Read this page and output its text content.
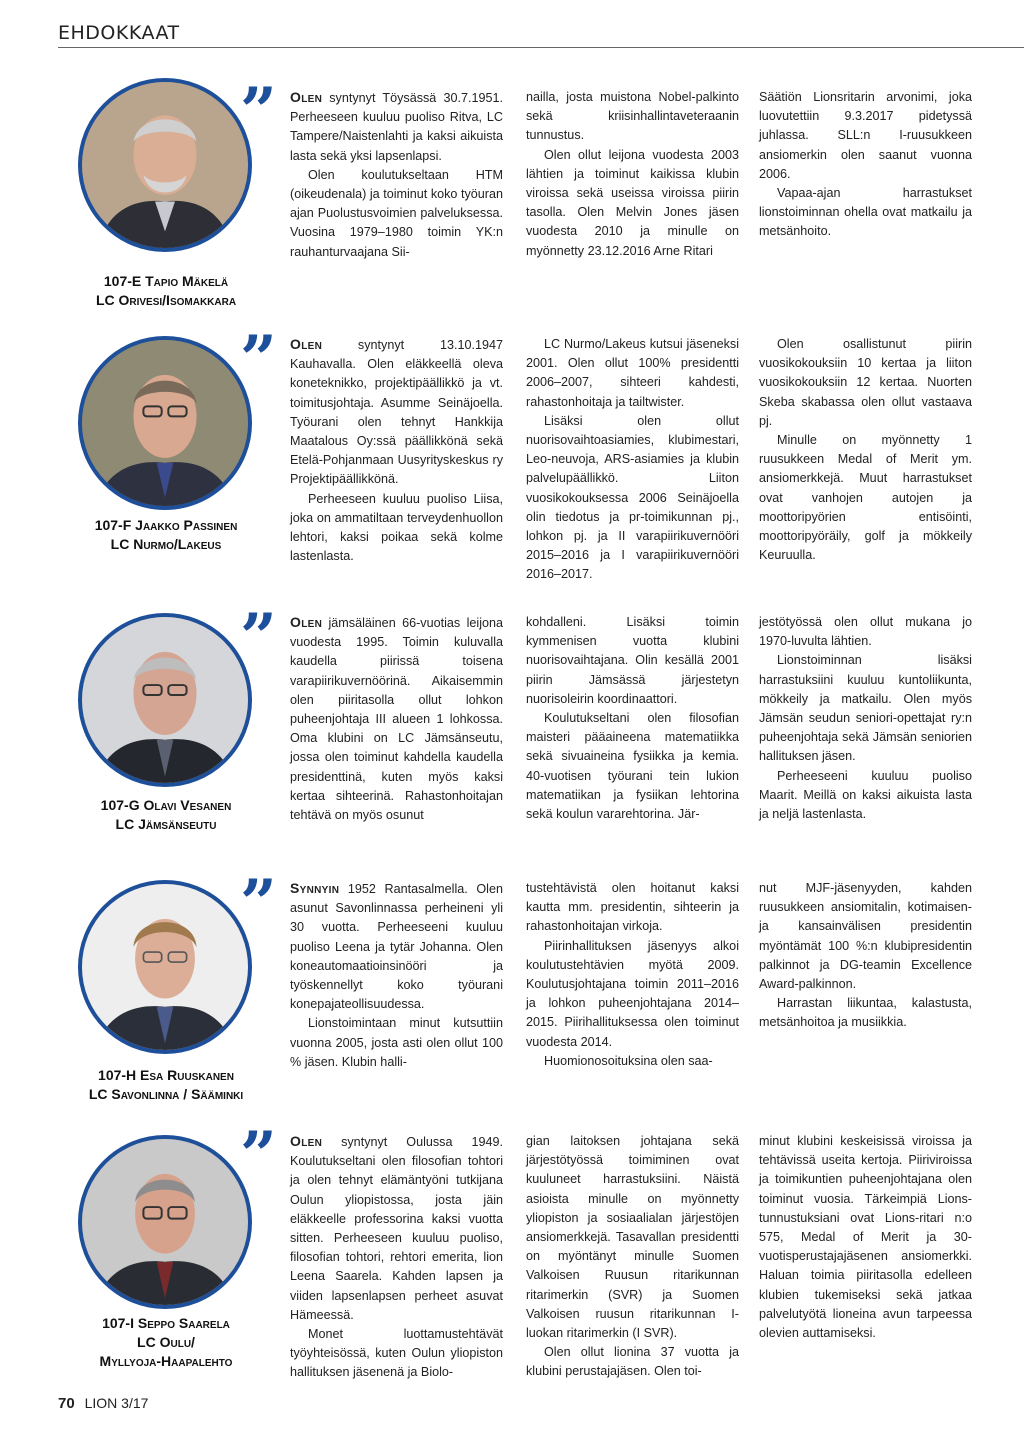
EHDOKKAAT
”
107-E Tapio Mäkelä
LC Orivesi/Isomakkara

Olen syntynyt Töysässä 30.7.1951. Perheeseen kuuluu puoliso Ritva, LC Tampere/Naistenlahti ja kaksi aikuista lasta sekä yksi lapsenlapsi.

Olen koulutukseltaan HTM (oikeudenala) ja toiminut koko työuran ajan Puolustusvoimien palveluksessa. Vuosina 1979–1980 toimin YK:n rauhanturvaajana Sii-

nailla, josta muistona Nobel-palkinto sekä kriisinhallintaveteraanin tunnustus.

Olen ollut leijona vuodesta 2003 lähtien ja toiminut kaikissa klubin viroissa sekä useissa viroissa piirin tasolla. Olen Melvin Jones jäsen vuodesta 2010 ja minulle on myönnetty 23.12.2016 Arne Ritari

Säätiön Lionsritarin arvonimi, joka luovutettiin 9.3.2017 pidetyssä juhlassa. SLL:n I-ruusukkeen ansiomerkin olen saanut vuonna 2006.

Vapaa-ajan harrastukset lionstoiminnan ohella ovat matkailu ja metsänhoito.

”
107-F Jaakko Passinen
LC Nurmo/Lakeus

Olen syntynyt 13.10.1947 Kauhavalla. Olen eläkkeellä oleva koneteknikko, projektipäällikkö ja vt. toimitusjohtaja. Asumme Seinäjoella. Työurani olen tehnyt Hankkija Maatalous Oy:ssä päällikkönä sekä Etelä-Pohjanmaan Uusyrityskeskus ry Projektipäällikkönä.

Perheeseen kuuluu puoliso Liisa, joka on ammatiltaan terveydenhuollon lehtori, kaksi poikaa sekä kolme lastenlasta.

LC Nurmo/Lakeus kutsui jäseneksi 2001. Olen ollut 100% presidentti 2006–2007, sihteeri kahdesti, rahastonhoitaja ja tailtwister.

Lisäksi olen ollut nuorisovaihtoasiamies, klubimestari, Leo-neuvoja, ARS-asiamies ja klubin palvelupäällikkö. Liiton vuosikokouksessa 2006 Seinäjoella olin tiedotus ja pr-toimikunnan pj., lohkon pj. ja II varapiirikuvernööri 2015–2016 ja I varapiirikuvernööri 2016–2017.

Olen osallistunut piirin vuosikokouksiin 10 kertaa ja liiton vuosikokouksiin 12 kertaa. Nuorten Skeba skabassa olen ollut vastaava pj.

Minulle on myönnetty 1 ruusukkeen Medal of Merit ym. ansiomerkkejä. Muut harrastukset ovat vanhojen autojen ja moottoripyörien entisöinti, moottoripyöräily, golf ja mökkeily Keuruulla.

”
107-G Olavi Vesanen
LC Jämsänseutu

Olen jämsäläinen 66-vuotias leijona vuodesta 1995. Toimin kuluvalla kaudella piirissä toisena varapiirikuvernöörinä. Aikaisemmin olen piiritasolla ollut lohkon puheenjohtaja III alueen 1 lohkossa. Oma klubini on LC Jämsänseutu, jossa olen toiminut kahdella kaudella presidenttinä, kuten myös kaksi kertaa sihteerinä. Rahastonhoitajan tehtävä on myös osunut

kohdalleni. Lisäksi toimin kymmenisen vuotta klubini nuorisovaihtajana. Olin kesällä 2001 piirin Jämsässä järjestetyn nuorisoleirin koordinaattori.

Koulutukseltani olen filosofian maisteri pääaineena matematiikka sekä sivuaineina fysiikka ja kemia. 40-vuotisen työurani tein lukion matematiikan ja fysiikan lehtorina sekä koulun vararehtorina. Jär-

jestötyössä olen ollut mukana jo 1970-luvulta lähtien.

Lionstoiminnan lisäksi harrastuksiini kuuluu kuntoliikunta, mökkeily ja matkailu. Olen myös Jämsän seudun seniori-opettajat ry:n puheenjohtaja sekä Jämsän seniorien hallituksen jäsen.

Perheeseeni kuuluu puoliso Maarit. Meillä on kaksi aikuista lasta ja neljä lastenlasta.

”
107-H Esa Ruuskanen
LC Savonlinna / Sääminki

Synnyin 1952 Rantasalmella. Olen asunut Savonlinnassa perheineni yli 30 vuotta. Perheeseeni kuuluu puoliso Leena ja tytär Johanna. Olen koneautomaatioinsinööri ja työskennellyt koko työurani konepajateollisuudessa.

Lionstoimintaan minut kutsuttiin vuonna 2005, josta asti olen ollut 100 % jäsen. Klubin halli-

tustehtävistä olen hoitanut kaksi kautta mm. presidentin, sihteerin ja rahastonhoitajan virkoja.

Piirinhallituksen jäsenyys alkoi koulutustehtävien myötä 2009. Koulutusjohtajana toimin 2011–2016 ja lohkon puheenjohtajana 2014–2015. Piirihallituksessa olen toiminut vuodesta 2014.

Huomionosoituksina olen saa-

nut MJF-jäsenyyden, kahden ruusukkeen ansiomitalin, kotimaisen- ja kansainvälisen presidentin myöntämät 100 %:n klubipresidentin palkinnot ja DG-teamin Excellence Award-palkinnon.

Harrastan liikuntaa, kalastusta, metsänhoitoa ja musiikkia.

”
107-I Seppo Saarela
LC Oulu/
Myllyoja-Haapalehto

Olen syntynyt Oulussa 1949. Koulutukseltani olen filosofian tohtori ja olen tehnyt elämäntyöni tutkijana Oulun yliopistossa, josta jäin eläkkeelle professorina kaksi vuotta sitten. Perheeseen kuuluu puoliso, filosofian tohtori, rehtori emerita, lion Leena Saarela. Kahden lapsen ja viiden lapsenlapsen perheet asuvat Hämeessä.

Monet luottamustehtävät työyhteisössä, kuten Oulun yliopiston hallituksen jäsenenä ja Biolo-

gian laitoksen johtajana sekä järjestötyössä toimiminen ovat kuuluneet harrastuksiini. Näistä asioista minulle on myönnetty yliopiston ja sosiaalialan järjestöjen ansiomerkkejä. Tasavallan presidentti on myöntänyt minulle Suomen Valkoisen Ruusun ritarikunnan ritarimerkin (SVR) ja Suomen Valkoisen ruusun ritarikunnan I-luokan ritarimerkin (I SVR).

Olen ollut lionina 37 vuotta ja klubini perustajajäsen. Olen toi-

minut klubini keskeisissä viroissa ja tehtävissä useita kertoja. Piiriviroissa ja toimikuntien puheenjohtajana olen toiminut vuosia. Tärkeimpiä Lions-tunnustuksiani ovat Lions-ritari n:o 575, Medal of Merit ja 30-vuotisperustajajäsenen ansiomerkki. Haluan toimia piiritasolla edelleen klubien tukemiseksi sekä jatkaa palvelutyötä lioneina avun tarpeessa olevien auttamiseksi.

70 LION 3/17
